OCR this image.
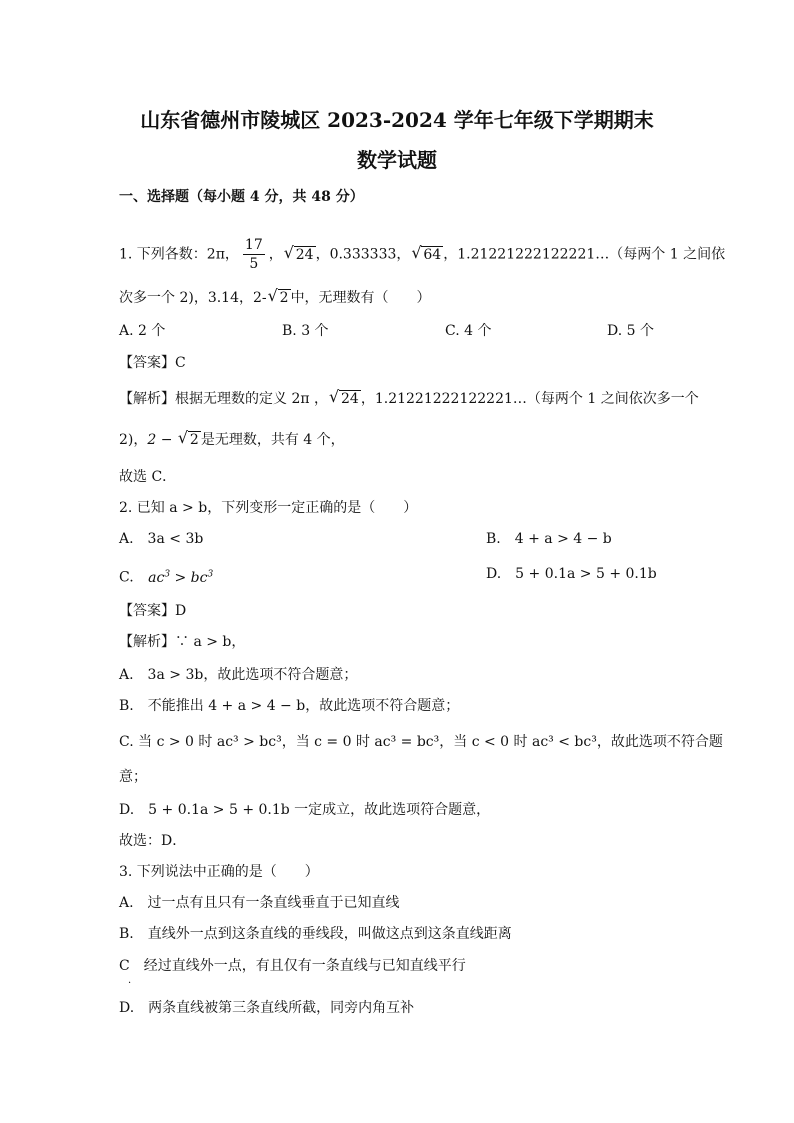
山东省德州市陵城区 2023-2024 学年七年级下学期期末
数学试题
一、选择题（每小题 4 分，共 48 分）
1. 下列各数：2π， $\frac{17}{5}$ ， √ 24 ，0.333333， √ 64 ，1.21221222122221…（每两个 1 之间依
次多一个 2)，3.14，2- √ 2 中，无理数有（　　）
A. 2 个	B. 3 个	C. 4 个	D. 5 个
【答案】C
【解析】根据无理数的定义 2π ， √ 24 ，1.21221222122221…（每两个 1 之间依次多一个
2)，2 − √ 2 是无理数，共有 4 个，
故选 C．
2. 已知 a > b，下列变形一定正确的是（　　）
A.　3a < 3b	B.　4 + a > 4 − b
C. $ac^3 > bc^3$	D.　5 + 0.1a > 5 + 0.1b
【答案】D
【解析】∵ a > b，
A.　3a > 3b，故此选项不符合题意；
B.　不能推出 4 + a > 4 − b，故此选项不符合题意；
C. 当 c > 0 时 ac³ > bc³，当 c = 0 时 ac³ = bc³，当 c < 0 时 ac³ < bc³，故此选项不符合题
意；
D.　5 + 0.1a > 5 + 0.1b 一定成立，故此选项符合题意，
故选：D．
3. 下列说法中正确的是（　　）
A.　过一点有且只有一条直线垂直于已知直线
B.　直线外一点到这条直线的垂线段，叫做这点到这条直线距离
C　经过直线外一点，有且仅有一条直线与已知直线平行
·
D.　两条直线被第三条直线所截，同旁内角互补
